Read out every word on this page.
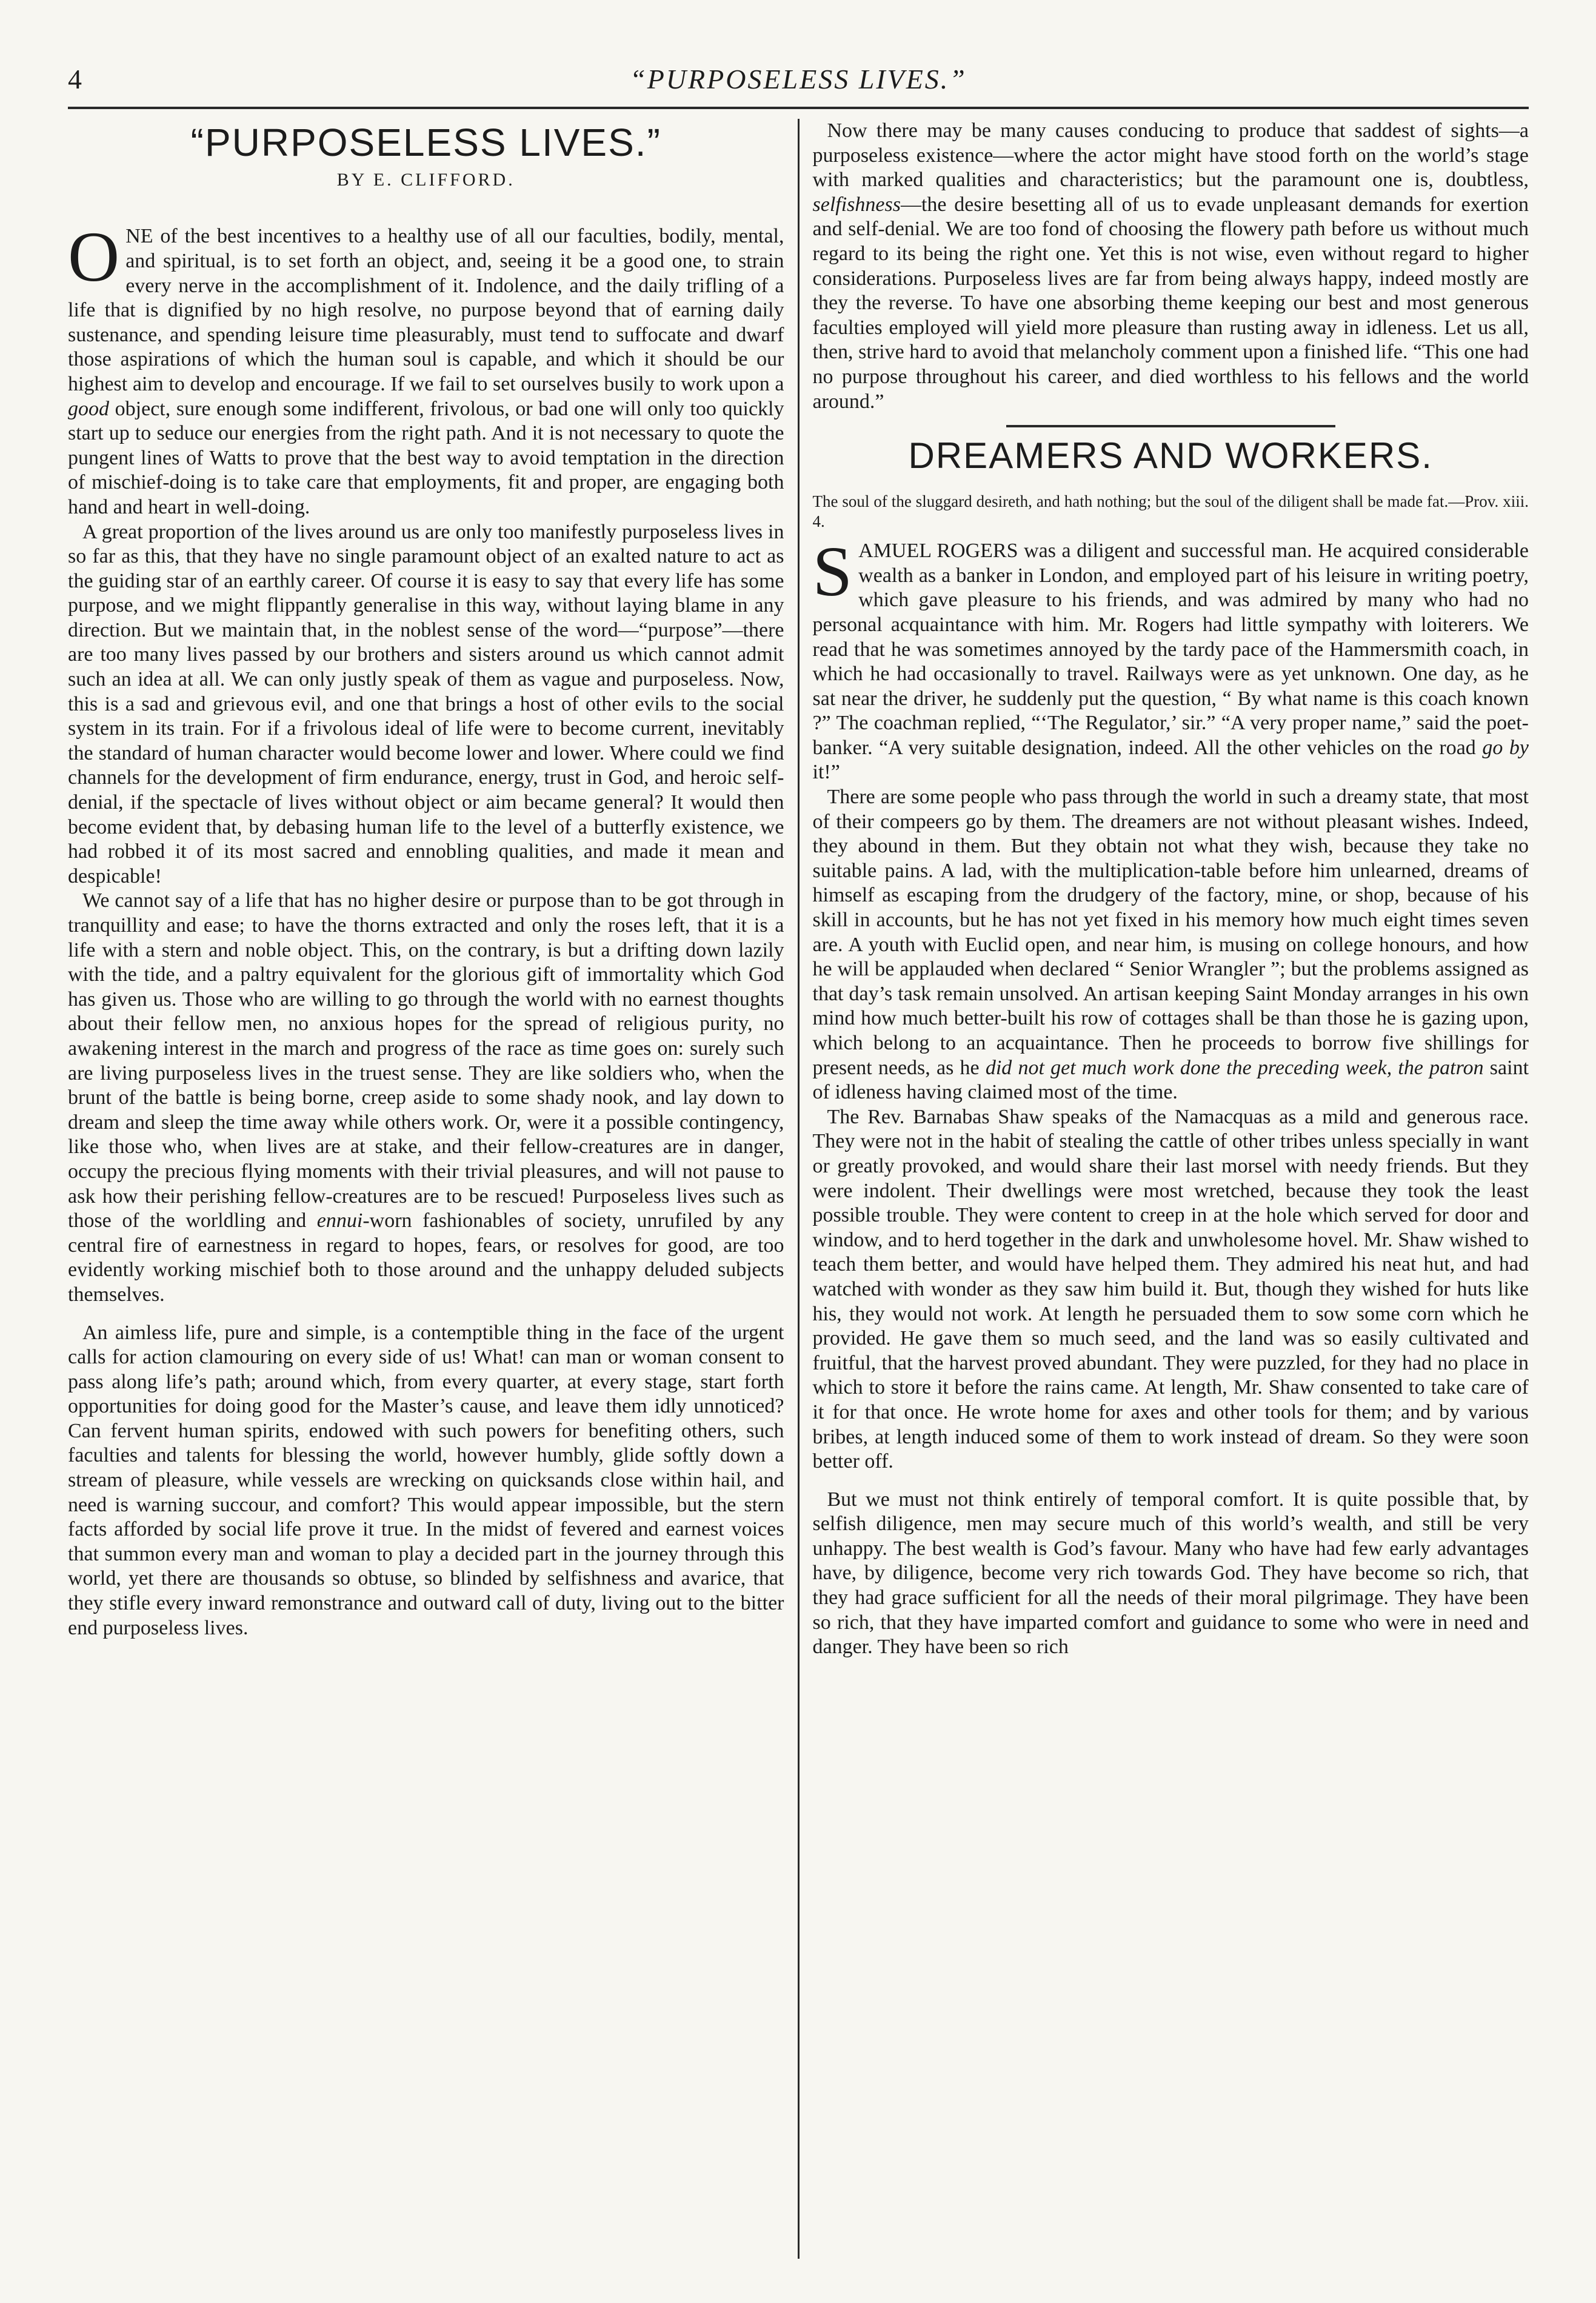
4	“PURPOSELESS LIVES.”
“PURPOSELESS LIVES.”
BY E. CLIFFORD.

O NE of the best incentives to a healthy use of all our faculties, bodily, mental, and spiritual, is to set forth an object, and, seeing it be a good one, to strain every nerve in the accomplishment of it. Indolence, and the daily trifling of a life that is dignified by no high resolve, no purpose beyond that of earning daily sustenance, and spending leisure time pleasurably, must tend to suffocate and dwarf those aspirations of which the human soul is capable, and which it should be our highest aim to develop and encourage. If we fail to set ourselves busily to work upon a good object, sure enough some indifferent, frivolous, or bad one will only too quickly start up to seduce our energies from the right path. And it is not necessary to quote the pungent lines of Watts to prove that the best way to avoid temptation in the direction of mischief-doing is to take care that employments, fit and proper, are engaging both hand and heart in well-doing.

A great proportion of the lives around us are only too manifestly purposeless lives in so far as this, that they have no single paramount object of an exalted nature to act as the guiding star of an earthly career. Of course it is easy to say that every life has some purpose, and we might flippantly generalise in this way, without laying blame in any direction. But we maintain that, in the noblest sense of the word—“purpose”—there are too many lives passed by our brothers and sisters around us which cannot admit such an idea at all. We can only justly speak of them as vague and purposeless. Now, this is a sad and grievous evil, and one that brings a host of other evils to the social system in its train. For if a frivolous ideal of life were to become current, inevitably the standard of human character would become lower and lower. Where could we find channels for the development of firm endurance, energy, trust in God, and heroic self-denial, if the spectacle of lives without object or aim became general? It would then become evident that, by debasing human life to the level of a butterfly existence, we had robbed it of its most sacred and ennobling qualities, and made it mean and despicable!

We cannot say of a life that has no higher desire or purpose than to be got through in tranquillity and ease; to have the thorns extracted and only the roses left, that it is a life with a stern and noble object. This, on the contrary, is but a drifting down lazily with the tide, and a paltry equivalent for the glorious gift of immortality which God has given us. Those who are willing to go through the world with no earnest thoughts about their fellow men, no anxious hopes for the spread of religious purity, no awakening interest in the march and progress of the race as time goes on: surely such are living purposeless lives in the truest sense. They are like soldiers who, when the brunt of the battle is being borne, creep aside to some shady nook, and lay down to dream and sleep the time away while others work. Or, were it a possible contingency, like those who, when lives are at stake, and their fellow-creatures are in danger, occupy the precious flying moments with their trivial pleasures, and will not pause to ask how their perishing fellow-creatures are to be rescued! Purposeless lives such as those of the worldling and ennui-worn fashionables of society, unrufiled by any central fire of earnestness in regard to hopes, fears, or resolves for good, are too evidently working mischief both to those around and the unhappy deluded subjects themselves.

An aimless life, pure and simple, is a contemptible thing in the face of the urgent calls for action clamouring on every side of us! What! can man or woman consent to pass along life’s path; around which, from every quarter, at every stage, start forth opportunities for doing good for the Master’s cause, and leave them idly unnoticed? Can fervent human spirits, endowed with such powers for benefiting others, such faculties and talents for blessing the world, however humbly, glide softly down a stream of pleasure, while vessels are wrecking on quicksands close within hail, and need is warning succour, and comfort? This would appear impossible, but the stern facts afforded by social life prove it true. In the midst of fevered and earnest voices that summon every man and woman to play a decided part in the journey through this world, yet there are thousands so obtuse, so blinded by selfishness and avarice, that they stifle every inward remonstrance and outward call of duty, living out to the bitter end purposeless lives.

Now there may be many causes conducing to produce that saddest of sights—a purposeless existence—where the actor might have stood forth on the world’s stage with marked qualities and characteristics; but the paramount one is, doubtless, selfishness—the desire besetting all of us to evade unpleasant demands for exertion and self-denial. We are too fond of choosing the flowery path before us without much regard to its being the right one. Yet this is not wise, even without regard to higher considerations. Purposeless lives are far from being always happy, indeed mostly are they the reverse. To have one absorbing theme keeping our best and most generous faculties employed will yield more pleasure than rusting away in idleness. Let us all, then, strive hard to avoid that melancholy comment upon a finished life. “This one had no purpose throughout his career, and died worthless to his fellows and the world around.”

DREAMERS AND WORKERS.
The soul of the sluggard desireth, and hath nothing; but the soul of the diligent shall be made fat.—Prov. xiii. 4.

S AMUEL ROGERS was a diligent and successful man. He acquired considerable wealth as a banker in London, and employed part of his leisure in writing poetry, which gave pleasure to his friends, and was admired by many who had no personal acquaintance with him. Mr. Rogers had little sympathy with loiterers. We read that he was sometimes annoyed by the tardy pace of the Hammersmith coach, in which he had occasionally to travel. Railways were as yet unknown. One day, as he sat near the driver, he suddenly put the question, “ By what name is this coach known ?” The coachman replied, “‘The Regulator,’ sir.” “A very proper name,” said the poet-banker. “A very suitable designation, indeed. All the other vehicles on the road go by it!”

There are some people who pass through the world in such a dreamy state, that most of their compeers go by them. The dreamers are not without pleasant wishes. Indeed, they abound in them. But they obtain not what they wish, because they take no suitable pains. A lad, with the multiplication-table before him unlearned, dreams of himself as escaping from the drudgery of the factory, mine, or shop, because of his skill in accounts, but he has not yet fixed in his memory how much eight times seven are. A youth with Euclid open, and near him, is musing on college honours, and how he will be applauded when declared “ Senior Wrangler ”; but the problems assigned as that day’s task remain unsolved. An artisan keeping Saint Monday arranges in his own mind how much better-built his row of cottages shall be than those he is gazing upon, which belong to an acquaintance. Then he proceeds to borrow five shillings for present needs, as he did not get much work done the preceding week, the patron saint of idleness having claimed most of the time.

The Rev. Barnabas Shaw speaks of the Namacquas as a mild and generous race. They were not in the habit of stealing the cattle of other tribes unless specially in want or greatly provoked, and would share their last morsel with needy friends. But they were indolent. Their dwellings were most wretched, because they took the least possible trouble. They were content to creep in at the hole which served for door and window, and to herd together in the dark and unwholesome hovel. Mr. Shaw wished to teach them better, and would have helped them. They admired his neat hut, and had watched with wonder as they saw him build it. But, though they wished for huts like his, they would not work. At length he persuaded them to sow some corn which he provided. He gave them so much seed, and the land was so easily cultivated and fruitful, that the harvest proved abundant. They were puzzled, for they had no place in which to store it before the rains came. At length, Mr. Shaw consented to take care of it for that once. He wrote home for axes and other tools for them; and by various bribes, at length induced some of them to work instead of dream. So they were soon better off.

But we must not think entirely of temporal comfort. It is quite possible that, by selfish diligence, men may secure much of this world’s wealth, and still be very unhappy. The best wealth is God’s favour. Many who have had few early advantages have, by diligence, become very rich towards God. They have become so rich, that they had grace sufficient for all the needs of their moral pilgrimage. They have been so rich, that they have imparted comfort and guidance to some who were in need and danger. They have been so rich
